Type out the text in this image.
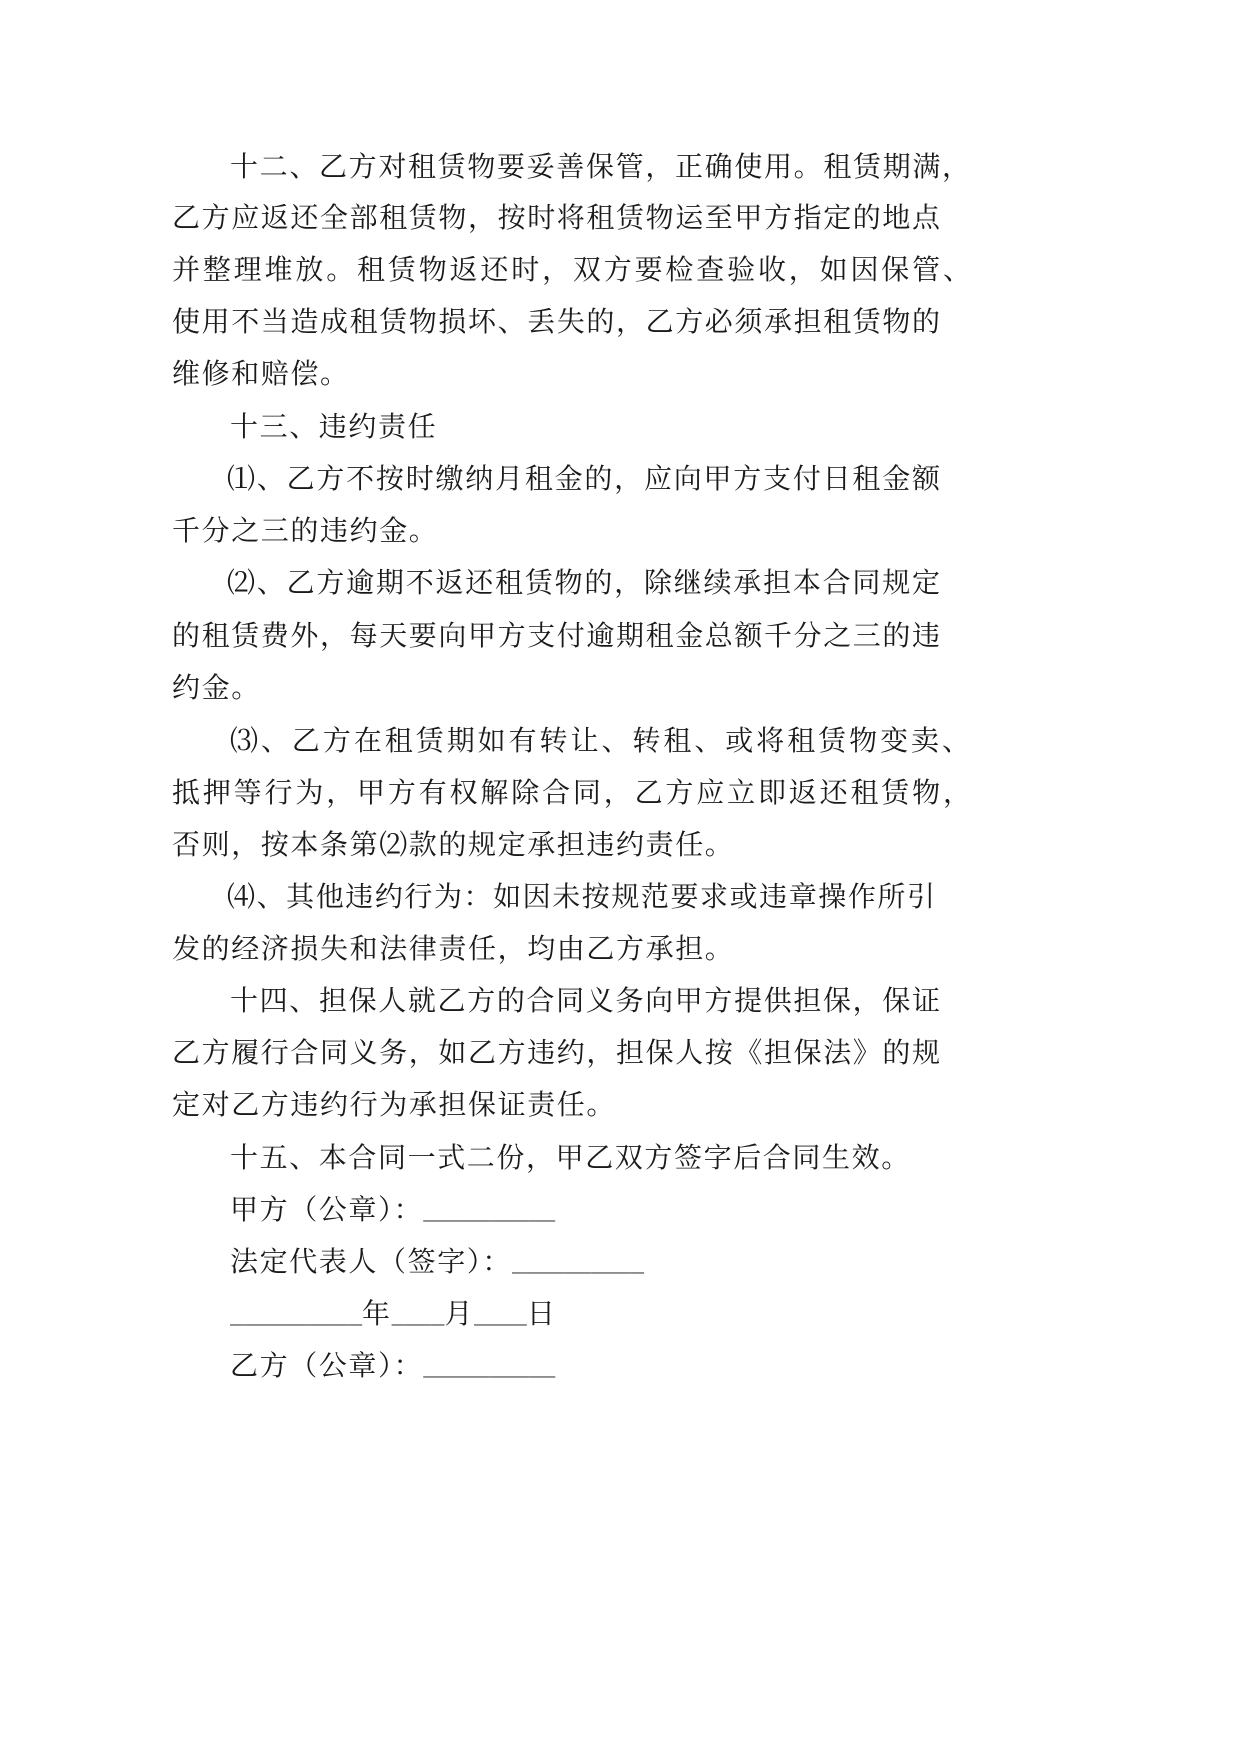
十二、乙方对租赁物要妥善保管，正确使用。租赁期满，
乙方应返还全部租赁物，按时将租赁物运至甲方指定的地点
并整理堆放。租赁物返还时，双方要检查验收，如因保管、
使用不当造成租赁物损坏、丢失的，乙方必须承担租赁物的
维修和赔偿。
十三、违约责任
⑴、乙方不按时缴纳月租金的，应向甲方支付日租金额
千分之三的违约金。
⑵、乙方逾期不返还租赁物的，除继续承担本合同规定
的租赁费外，每天要向甲方支付逾期租金总额千分之三的违
约金。
⑶、乙方在租赁期如有转让、转租、或将租赁物变卖、
抵押等行为，甲方有权解除合同，乙方应立即返还租赁物，
否则，按本条第⑵款的规定承担违约责任。
⑷、其他违约行为：如因未按规范要求或违章操作所引
发的经济损失和法律责任，均由乙方承担。
十四、担保人就乙方的合同义务向甲方提供担保，保证
乙方履行合同义务，如乙方违约，担保人按《担保法》的规
定对乙方违约行为承担保证责任。
十五、本合同一式二份，甲乙双方签字后合同生效。
甲方（公章）： __________
法定代表人（签字）： __________
__________ 年 ____ 月 ____ 日
乙方（公章）： __________
